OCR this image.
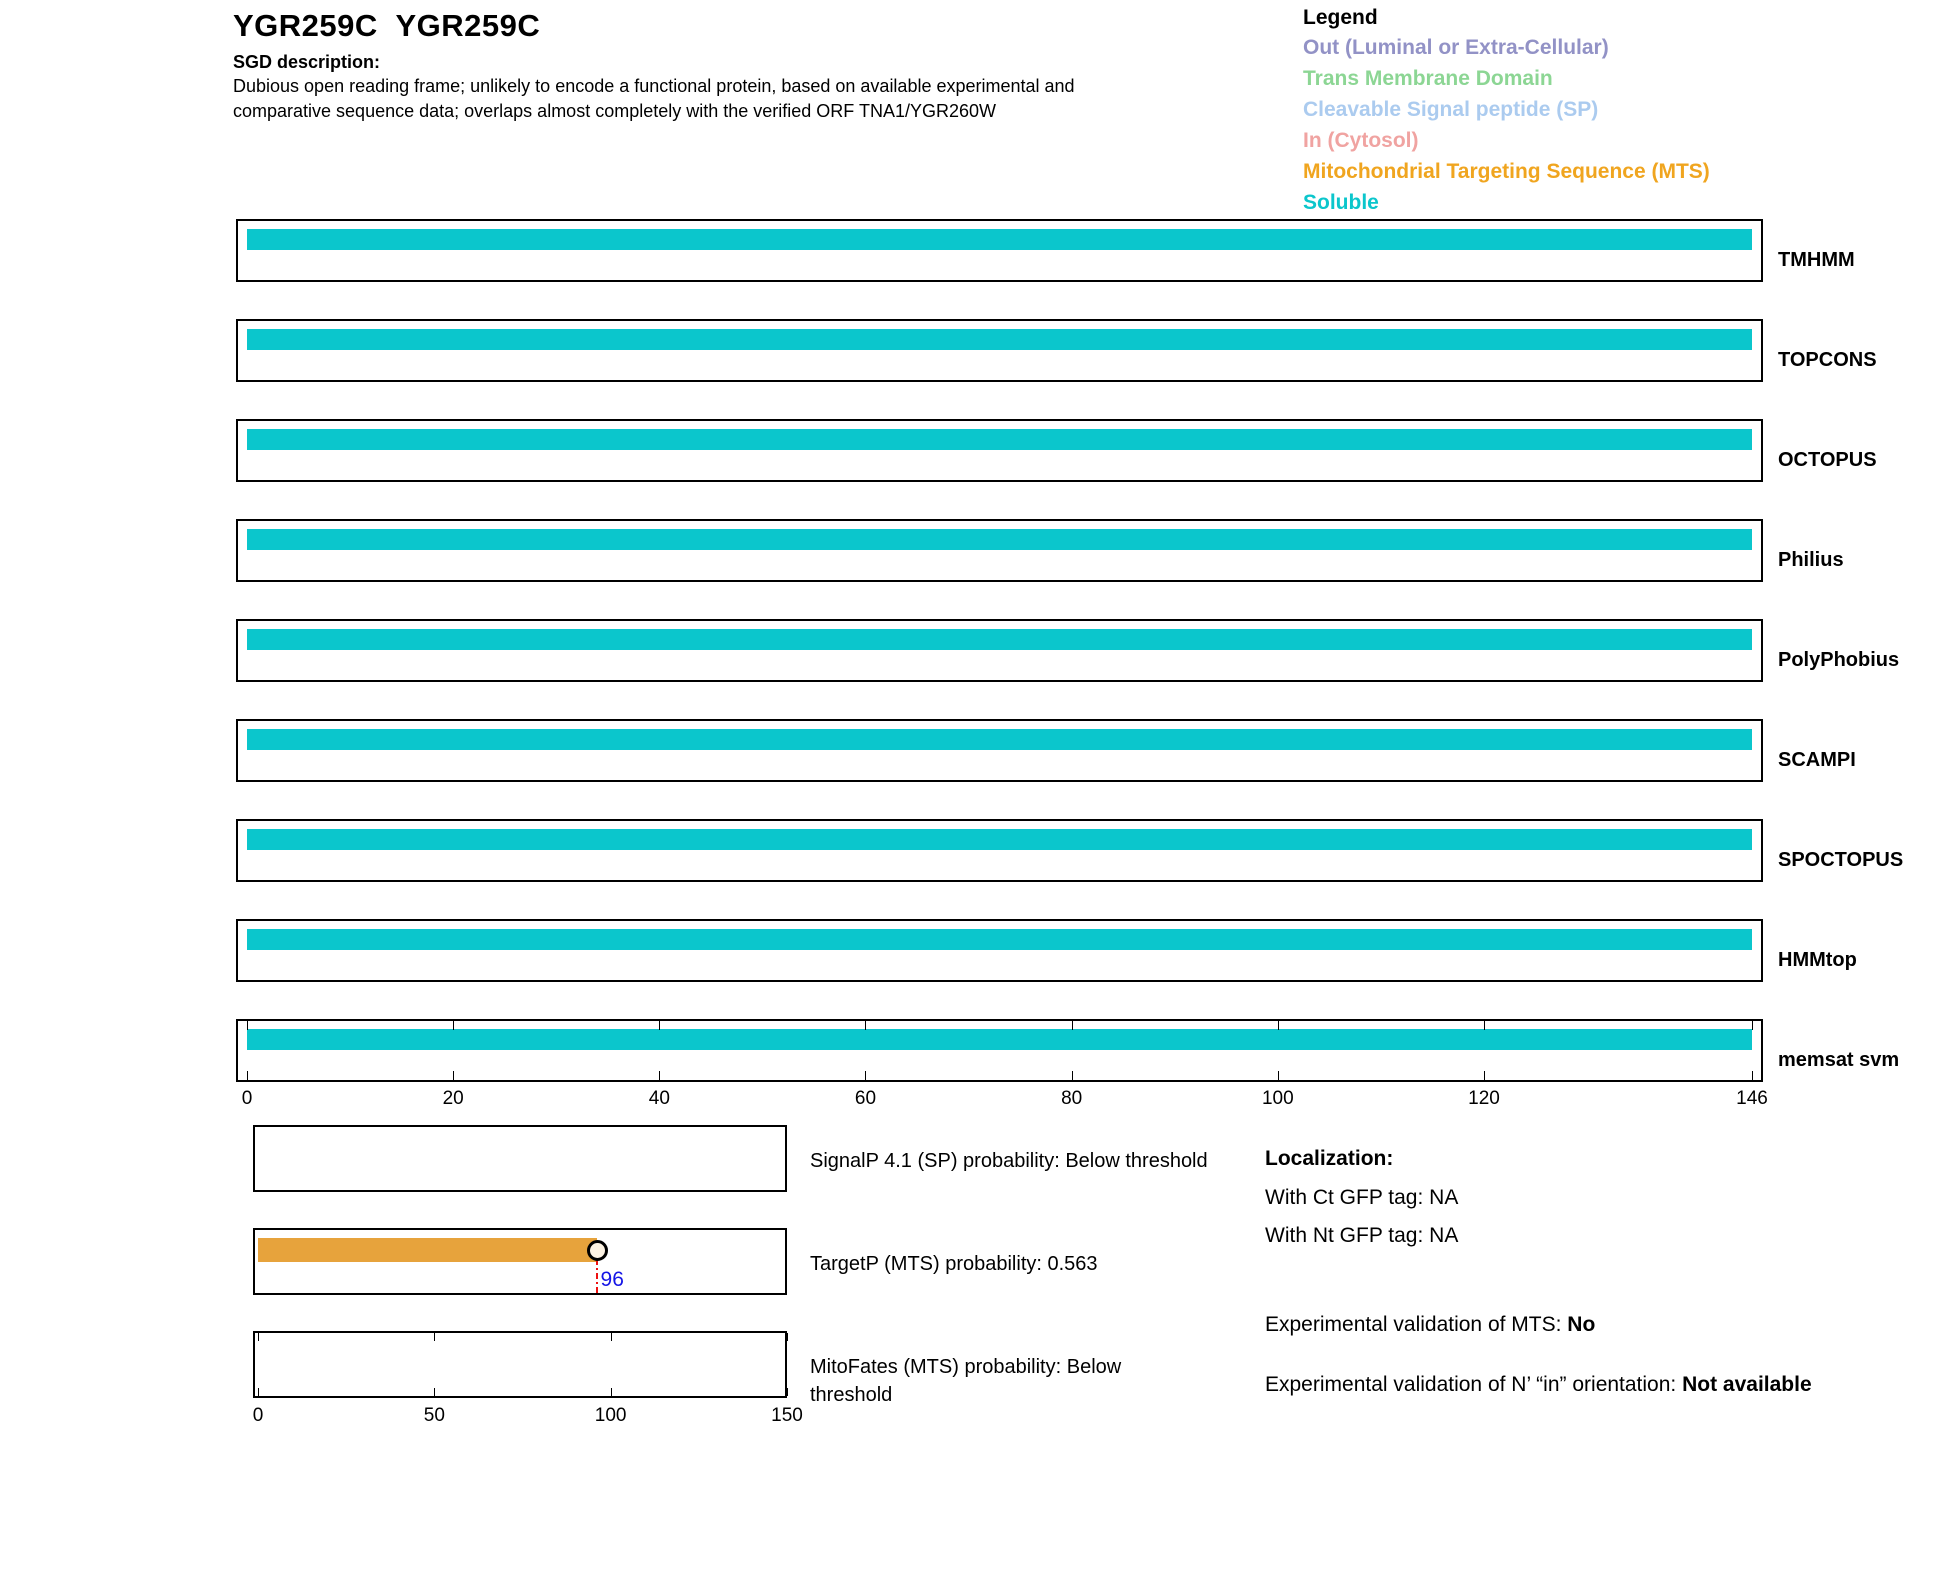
YGR259C  YGR259C
SGD description:
Dubious open reading frame; unlikely to encode a functional protein, based on available experimental and
comparative sequence data; overlaps almost completely with the verified ORF TNA1/YGR260W
Legend
Out (Luminal or Extra-Cellular)
Trans Membrane Domain
Cleavable Signal peptide (SP)
In (Cytosol)
Mitochondrial Targeting Sequence (MTS)
Soluble
TMHMM
TOPCONS
OCTOPUS
Philius
PolyPhobius
SCAMPI
SPOCTOPUS
HMMtop
memsat svm
0	20	40	60	80	100	120	146
SignalP 4.1 (SP) probability: Below threshold
96
TargetP (MTS) probability: 0.563
MitoFates (MTS) probability: Below threshold
0	50	100	150
Localization:
With Ct GFP tag: NA
With Nt GFP tag: NA
Experimental validation of MTS: No
Experimental validation of N’ “in” orientation: Not available
